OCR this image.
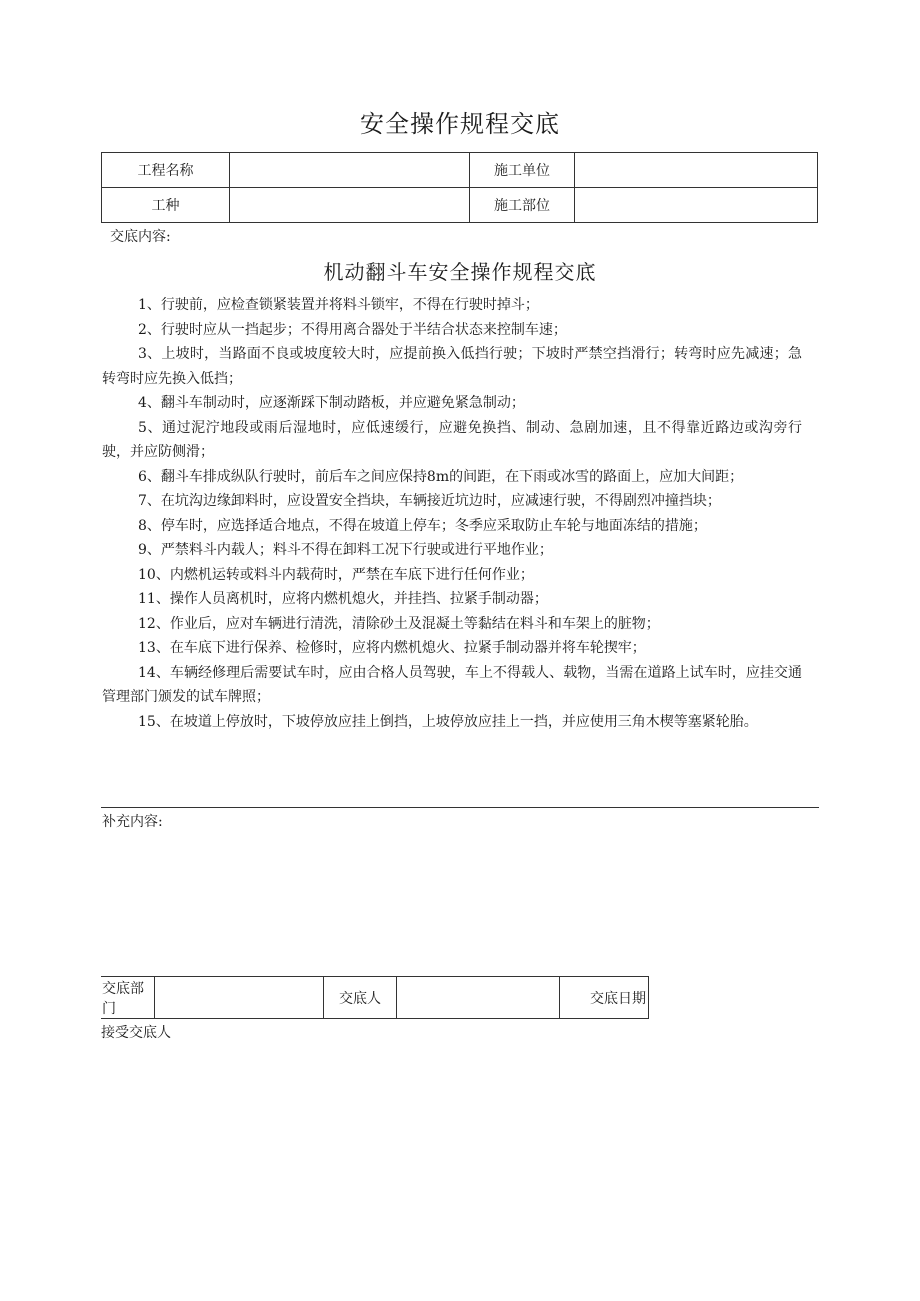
安全操作规程交底
工程名称		施工单位	
工种		施工部位	
交底内容:
机动翻斗车安全操作规程交底
1、行驶前，应检查锁紧装置并将料斗锁牢，不得在行驶时掉斗；
2、行驶时应从一挡起步；不得用离合器处于半结合状态来控制车速；
3、上坡时，当路面不良或坡度较大时，应提前换入低挡行驶；下坡时严禁空挡滑行；转弯时应先减速；急转弯时应先换入低挡；
4、翻斗车制动时，应逐渐踩下制动踏板，并应避免紧急制动；
5、通过泥泞地段或雨后湿地时，应低速缓行，应避免换挡、制动、急剧加速，且不得靠近路边或沟旁行驶，并应防侧滑；
6、翻斗车排成纵队行驶时，前后车之间应保持8m的间距，在下雨或冰雪的路面上，应加大间距；
7、在坑沟边缘卸料时，应设置安全挡块，车辆接近坑边时，应减速行驶，不得剧烈冲撞挡块；
8、停车时，应选择适合地点，不得在坡道上停车；冬季应采取防止车轮与地面冻结的措施；
9、严禁料斗内载人；料斗不得在卸料工况下行驶或进行平地作业；
10、内燃机运转或料斗内载荷时，严禁在车底下进行任何作业；
11、操作人员离机时，应将内燃机熄火，并挂挡、拉紧手制动器；
12、作业后，应对车辆进行清洗，清除砂土及混凝土等黏结在料斗和车架上的脏物；
13、在车底下进行保养、检修时，应将内燃机熄火、拉紧手制动器并将车轮揳牢；
14、车辆经修理后需要试车时，应由合格人员驾驶，车上不得载人、载物，当需在道路上试车时，应挂交通管理部门颁发的试车牌照；
15、在坡道上停放时，下坡停放应挂上倒挡，上坡停放应挂上一挡，并应使用三角木楔等塞紧轮胎。
补充内容:
交底部门		交底人		交底日期
接受交底人
